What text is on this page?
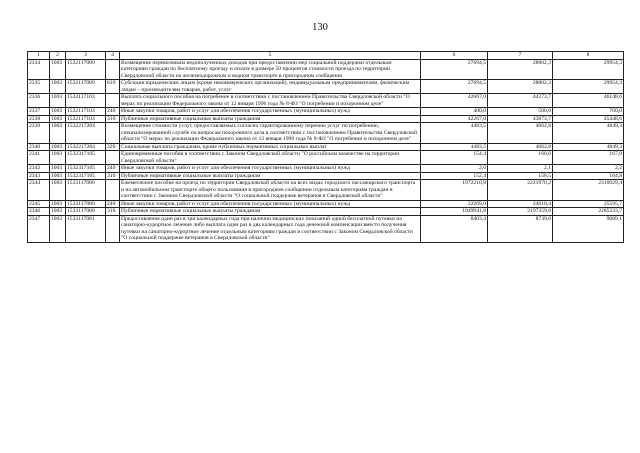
130
1	2	3	4	5	6	7	8
2334	1003	1532117089		Возмещение перевозчикам недополученных доходов при предоставлении мер социальной поддержки отдельным категориям граждан по бесплатному проезду и оплате в размере 50 процентов стоимости проезда по территории Свердловской области на железнодорожном и водном транспорте в пригородном сообщении	27694,5	28802,3	29954,3
2335	1003	1532117089	810	Субсидии юридическим лицам (кроме некоммерческих организаций), индивидуальным предпринимателям, физическим лицам – производителям товаров, работ, услуг	27694,5	28802,3	29954,3
2336	1003	1532117103		Выплата социального пособия на погребение в соответствии с постановлением Правительства Свердловской области "О мерах по реализации Федерального закона от 12 января 1996 года № 8-ФЗ "О погребении и похоронном деле"	42667,0	44373,7	46148,6
2337	1003	1532117103	240	Иные закупки товаров, работ и услуг для обеспечения государственных (муниципальных) нужд	400,0	500,0	700,0
2338	1003	1532117103	310	Публичные нормативные социальные выплаты гражданам	42267,0	43873,7	45448,6
2339	1003	1532217204		Возмещение стоимости услуг, предоставляемых согласно гарантированному перечню услуг по погребению, специализированной службе по вопросам похоронного дела в соответствии с постановлением Правительства Свердловской области "О мерах по реализации Федерального закона от 12 января 1996 года № 8-ФЗ "О погребении и похоронном деле"	4483,5	4662,8	4849,3
2340	1003	1532217204	320	Социальные выплаты гражданам, кроме публичных нормативных социальных выплат	4483,5	4662,8	4849,3
2341	1003	1532317105		Единовременные пособия в соответствии с Законом Свердловской области "О российском казачестве на территории Свердловской области"	154,4	160,6	167,0
2342	1003	1532317105	240	Иные закупки товаров, работ и услуг для обеспечения государственных (муниципальных) нужд	2,0	2,1	2,2
2343	1003	1532317105	310	Публичные нормативные социальные выплаты гражданам	152,4	158,5	164,8
2344	1003	1533117080		Ежемесячное пособие на проезд по территории Свердловской области на всех видах городского пассажирского транспорта и на автомобильном транспорте общего пользования в пригородном сообщении отдельным категориям граждан в соответствии с Законом Свердловской области "О социальной поддержке ветеранов в Свердловской области"	1972210,8	2221970,2	2310929,4
2345	1003	1533117080	240	Иные закупки товаров, работ и услуг для обеспечения государственных (муниципальных) нужд	22269,0	24610,4	25595,7
2346	1003	1533117080	310	Публичные нормативные социальные выплаты гражданам	1949941,8	2197359,8	2285333,7
2347	1003	1533117081		Предоставление один раз в три календарных года при наличии медицинских показаний одной бесплатной путевки на санаторно-курортное лечение либо выплата один раз в два календарных года денежной компенсации вместо получения путевки на санаторно-курортное лечение отдельным категориям граждан в соответствии с Законом Свердловской области "О социальной поддержке ветеранов в Свердловской области"	8403,4	8739,6	9089,1
